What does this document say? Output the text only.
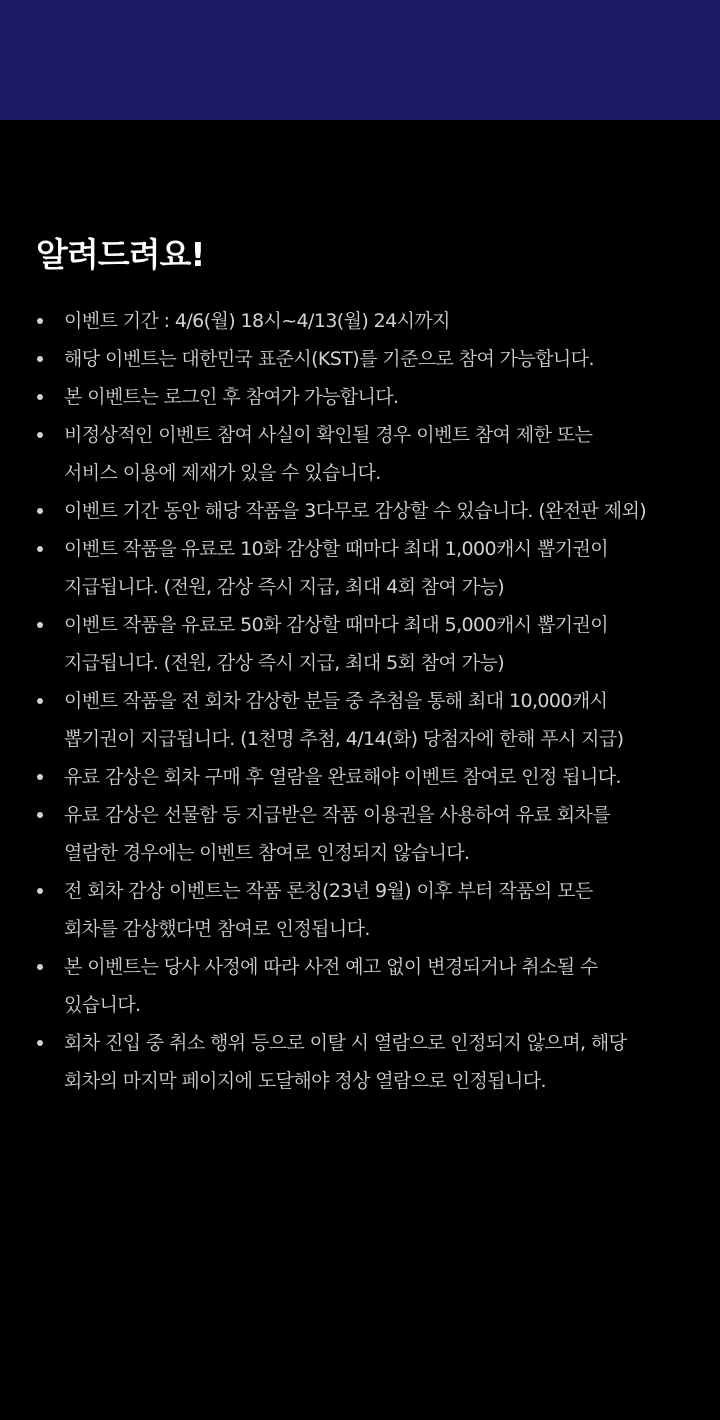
알려드려요!
이벤트 기간 : 4/6(월) 18시~4/13(월) 24시까지
해당 이벤트는 대한민국 표준시(KST)를 기준으로 참여 가능합니다.
본 이벤트는 로그인 후 참여가 가능합니다.
비정상적인 이벤트 참여 사실이 확인될 경우 이벤트 참여 제한 또는
서비스 이용에 제재가 있을 수 있습니다.
이벤트 기간 동안 해당 작품을 3다무로 감상할 수 있습니다. (완전판 제외)
이벤트 작품을 유료로 10화 감상할 때마다 최대 1,000캐시 뽑기권이
지급됩니다. (전원, 감상 즉시 지급, 최대 4회 참여 가능)
이벤트 작품을 유료로 50화 감상할 때마다 최대 5,000캐시 뽑기권이
지급됩니다. (전원, 감상 즉시 지급, 최대 5회 참여 가능)
이벤트 작품을 전 회차 감상한 분들 중 추첨을 통해 최대 10,000캐시
뽑기권이 지급됩니다. (1천명 추첨, 4/14(화) 당첨자에 한해 푸시 지급)
유료 감상은 회차 구매 후 열람을 완료해야 이벤트 참여로 인정 됩니다.
유료 감상은 선물함 등 지급받은 작품 이용권을 사용하여 유료 회차를
열람한 경우에는 이벤트 참여로 인정되지 않습니다.
전 회차 감상 이벤트는 작품 론칭(23년 9월) 이후 부터 작품의 모든
회차를 감상했다면 참여로 인정됩니다.
본 이벤트는 당사 사정에 따라 사전 예고 없이 변경되거나 취소될 수
있습니다.
회차 진입 중 취소 행위 등으로 이탈 시 열람으로 인정되지 않으며, 해당
회차의 마지막 페이지에 도달해야 정상 열람으로 인정됩니다.
